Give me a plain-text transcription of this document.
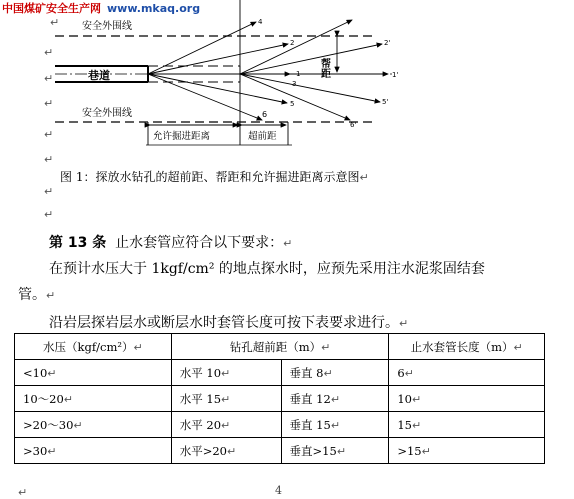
中国煤矿安全生产网 www.mkaq.org
↵
↵
↵
↵
↵
↵
↵
↵
↵
安全外围线
安全外围线
巷道
允许掘进距离	超前距
6
帮距
4
2
1
3
5
2'
1'
5'
6'
图 1：探放水钻孔的超前距、帮距和允许掘进距离示意图↵
第 13 条 止水套管应符合以下要求：↵
在预计水压大于 1kgf/cm² 的地点探水时，应预先采用注水泥浆固结套
管。↵
沿岩层探岩层水或断层水时套管长度可按下表要求进行。↵
水压（kgf/cm²）↵	钻孔超前距（m）↵		止水套管长度（m）↵
<10↵	水平 10↵	垂直 8↵	6↵
10～20↵	水平 15↵	垂直 12↵	10↵
>20～30↵	水平 20↵	垂直 15↵	15↵
>30↵	水平>20↵	垂直>15↵	>15↵
4
